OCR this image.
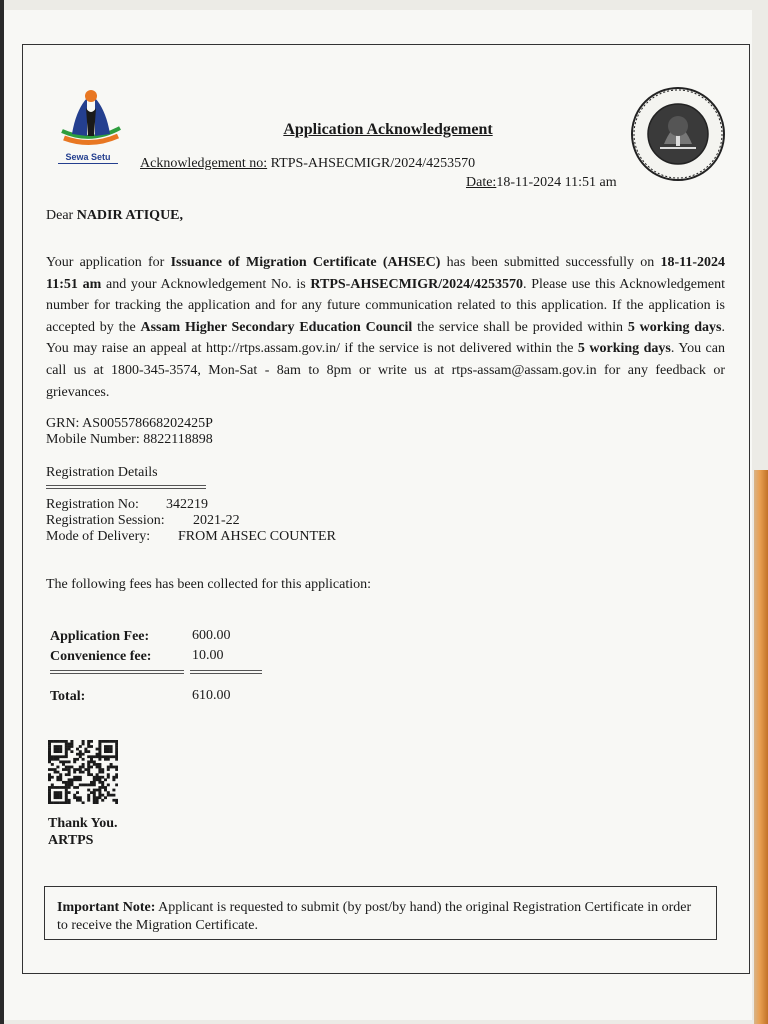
Sewa Setu
Application Acknowledgement
Acknowledgement no: RTPS-AHSECMIGR/2024/4253570
Date:18-11-2024 11:51 am
Dear NADIR ATIQUE,
Your application for Issuance of Migration Certificate (AHSEC) has been submitted successfully on 18-11-2024 11:51 am and your Acknowledgement No. is RTPS-AHSECMIGR/2024/4253570. Please use this Acknowledgement number for tracking the application and for any future communication related to this application. If the application is accepted by the Assam Higher Secondary Education Council the service shall be provided within 5 working days. You may raise an appeal at http://rtps.assam.gov.in/ if the service is not delivered within the 5 working days. You can call us at 1800-345-3574, Mon-Sat - 8am to 8pm or write us at rtps-assam@assam.gov.in for any feedback or grievances.
GRN: AS005578668202425P
Mobile Number: 8822118898
Registration Details
Registration No: 342219
Registration Session: 2021-22
Mode of Delivery: FROM AHSEC COUNTER
The following fees has been collected for this application:
Application Fee:	600.00
Convenience fee:	10.00
Total:	610.00
Thank You.
ARTPS
Important Note: Applicant is requested to submit (by post/by hand) the original Registration Certificate in order to receive the Migration Certificate.
